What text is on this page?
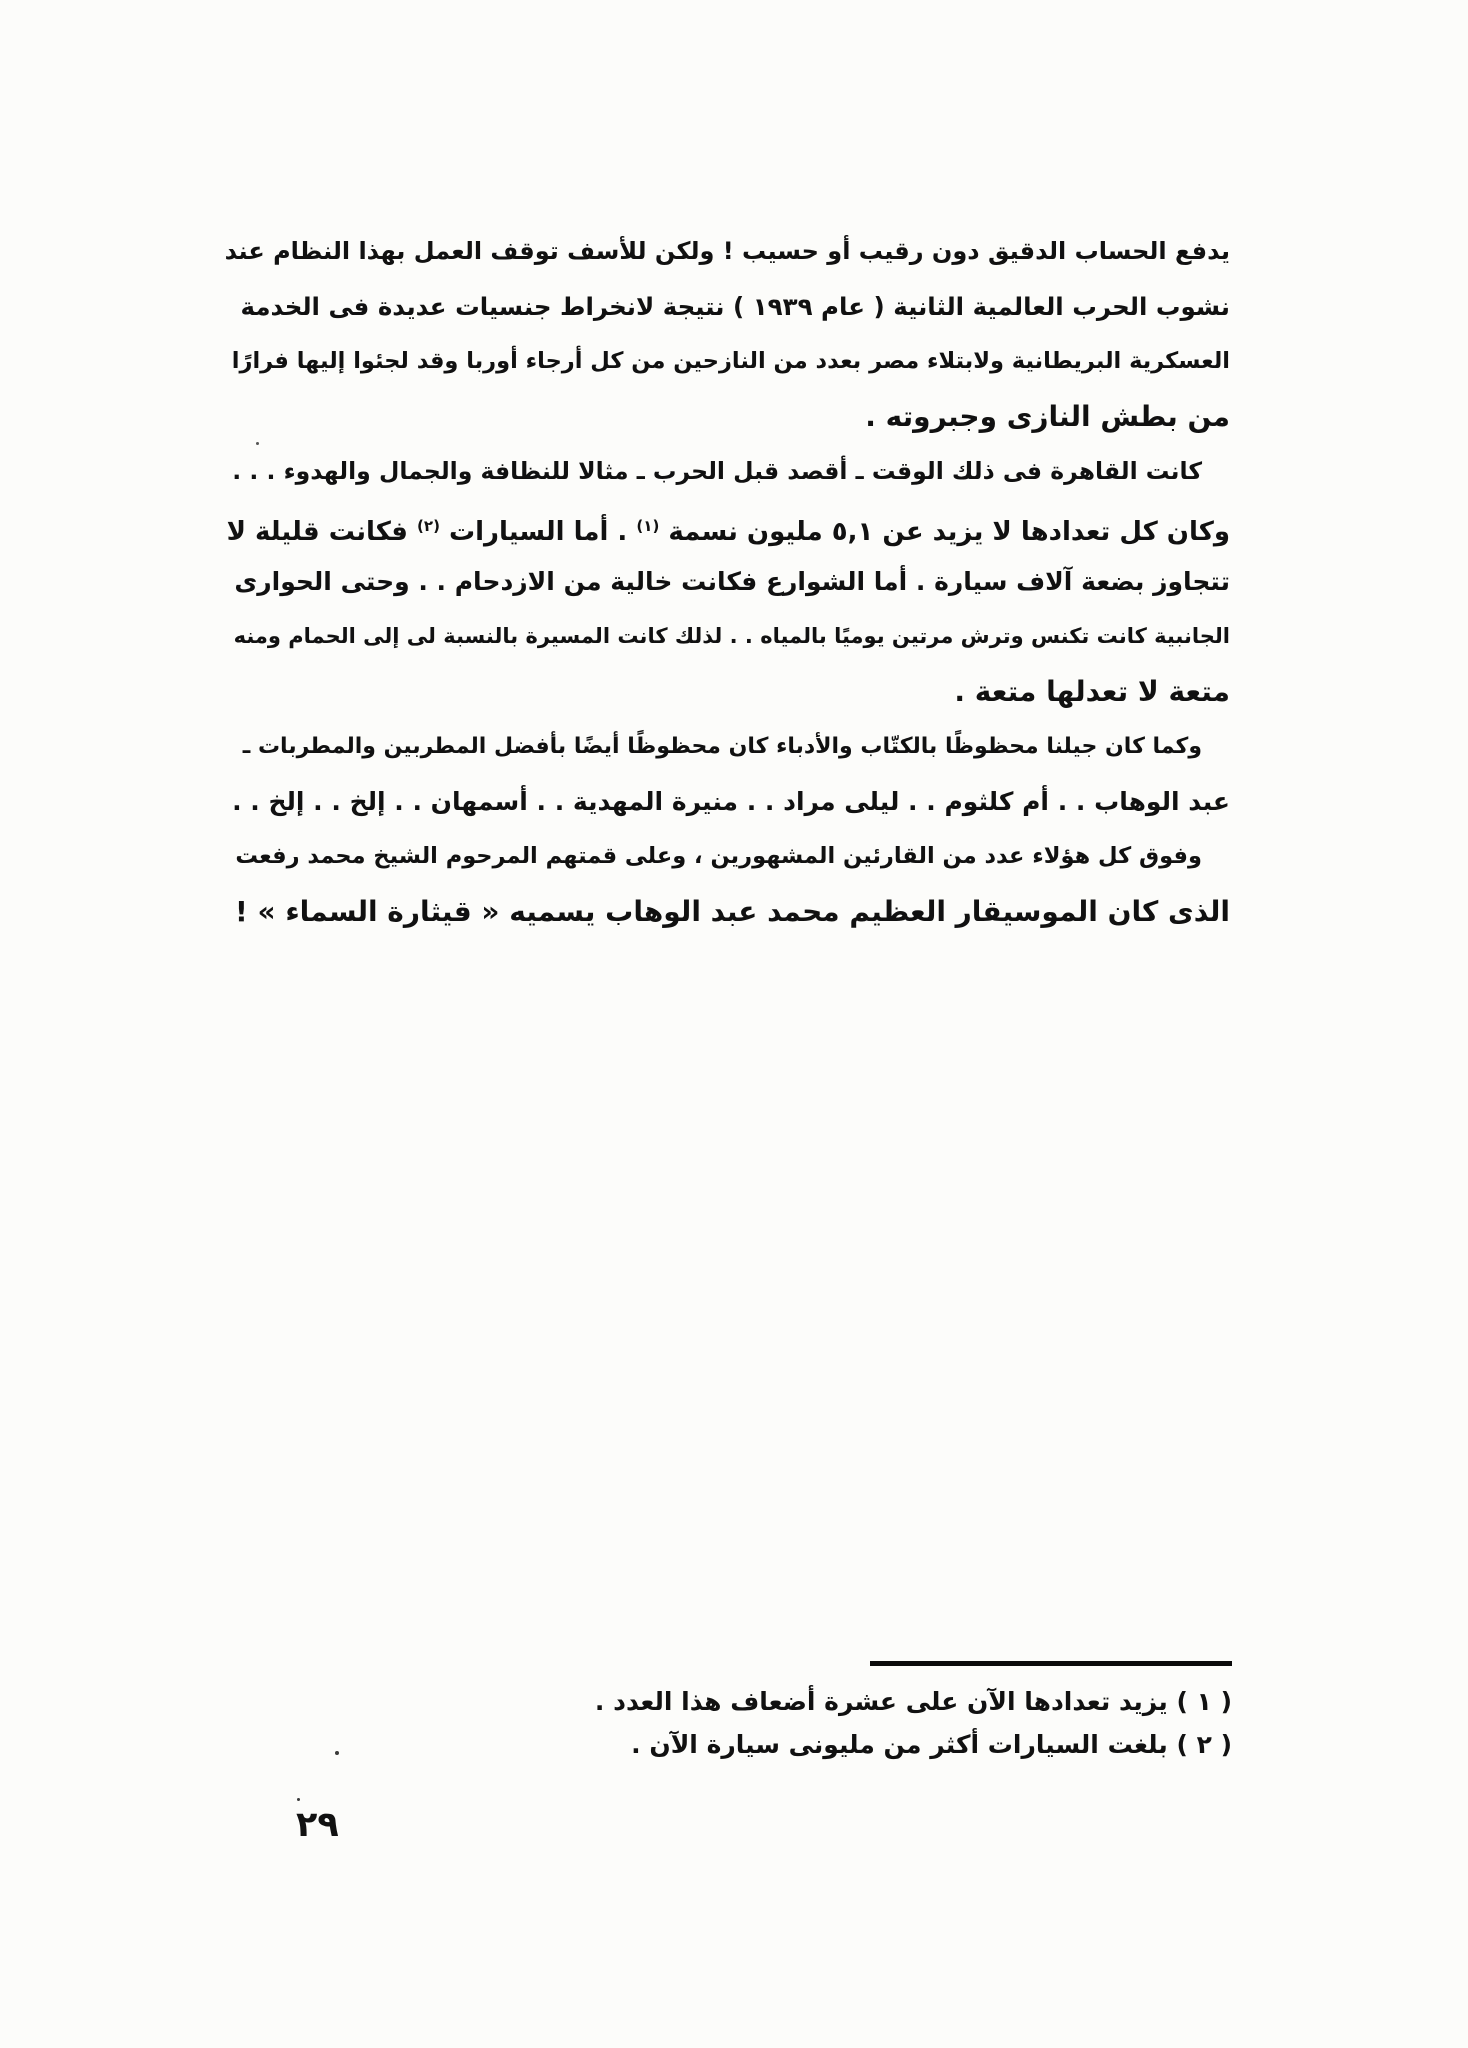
يدفع الحساب الدقيق دون رقيب أو حسيب ! ولكن للأسف توقف العمل بهذا النظام عند
نشوب الحرب العالمية الثانية ( عام ١٩٣٩ ) نتيجة لانخراط جنسيات عديدة فى الخدمة
العسكرية البريطانية ولابتلاء مصر بعدد من النازحين من كل أرجاء أوربا وقد لجئوا إليها فرارًا
من بطش النازى وجبروته .
كانت القاهرة فى ذلك الوقت ـ أقصد قبل الحرب ـ مثالا للنظافة والجمال والهدوء . . .
وكان كل تعدادها لا يزيد عن ١,٥ مليون نسمة $^{(١)}$ . أما السيارات $^{(٢)}$ فكانت قليلة لا
تتجاوز بضعة آلاف سيارة . أما الشوارع فكانت خالية من الازدحام . . وحتى الحوارى
الجانبية كانت تكنس وترش مرتين يوميًا بالمياه . . لذلك كانت المسيرة بالنسبة لى إلى الحمام ومنه
متعة لا تعدلها متعة .
وكما كان جيلنا محظوظًا بالكتّاب والأدباء كان محظوظًا أيضًا بأفضل المطربين والمطربات ـ
عبد الوهاب . . أم كلثوم . . ليلى مراد . . منيرة المهدية . . أسمهان . . إلخ . . إلخ . .
وفوق كل هؤلاء عدد من القارئين المشهورين ، وعلى قمتهم المرحوم الشيخ محمد رفعت
الذى كان الموسيقار العظيم محمد عبد الوهاب يسميه « قيثارة السماء » !
( ١ ) يزيد تعدادها الآن على عشرة أضعاف هذا العدد .
( ٢ ) بلغت السيارات أكثر من مليونى سيارة الآن .
٢٩
